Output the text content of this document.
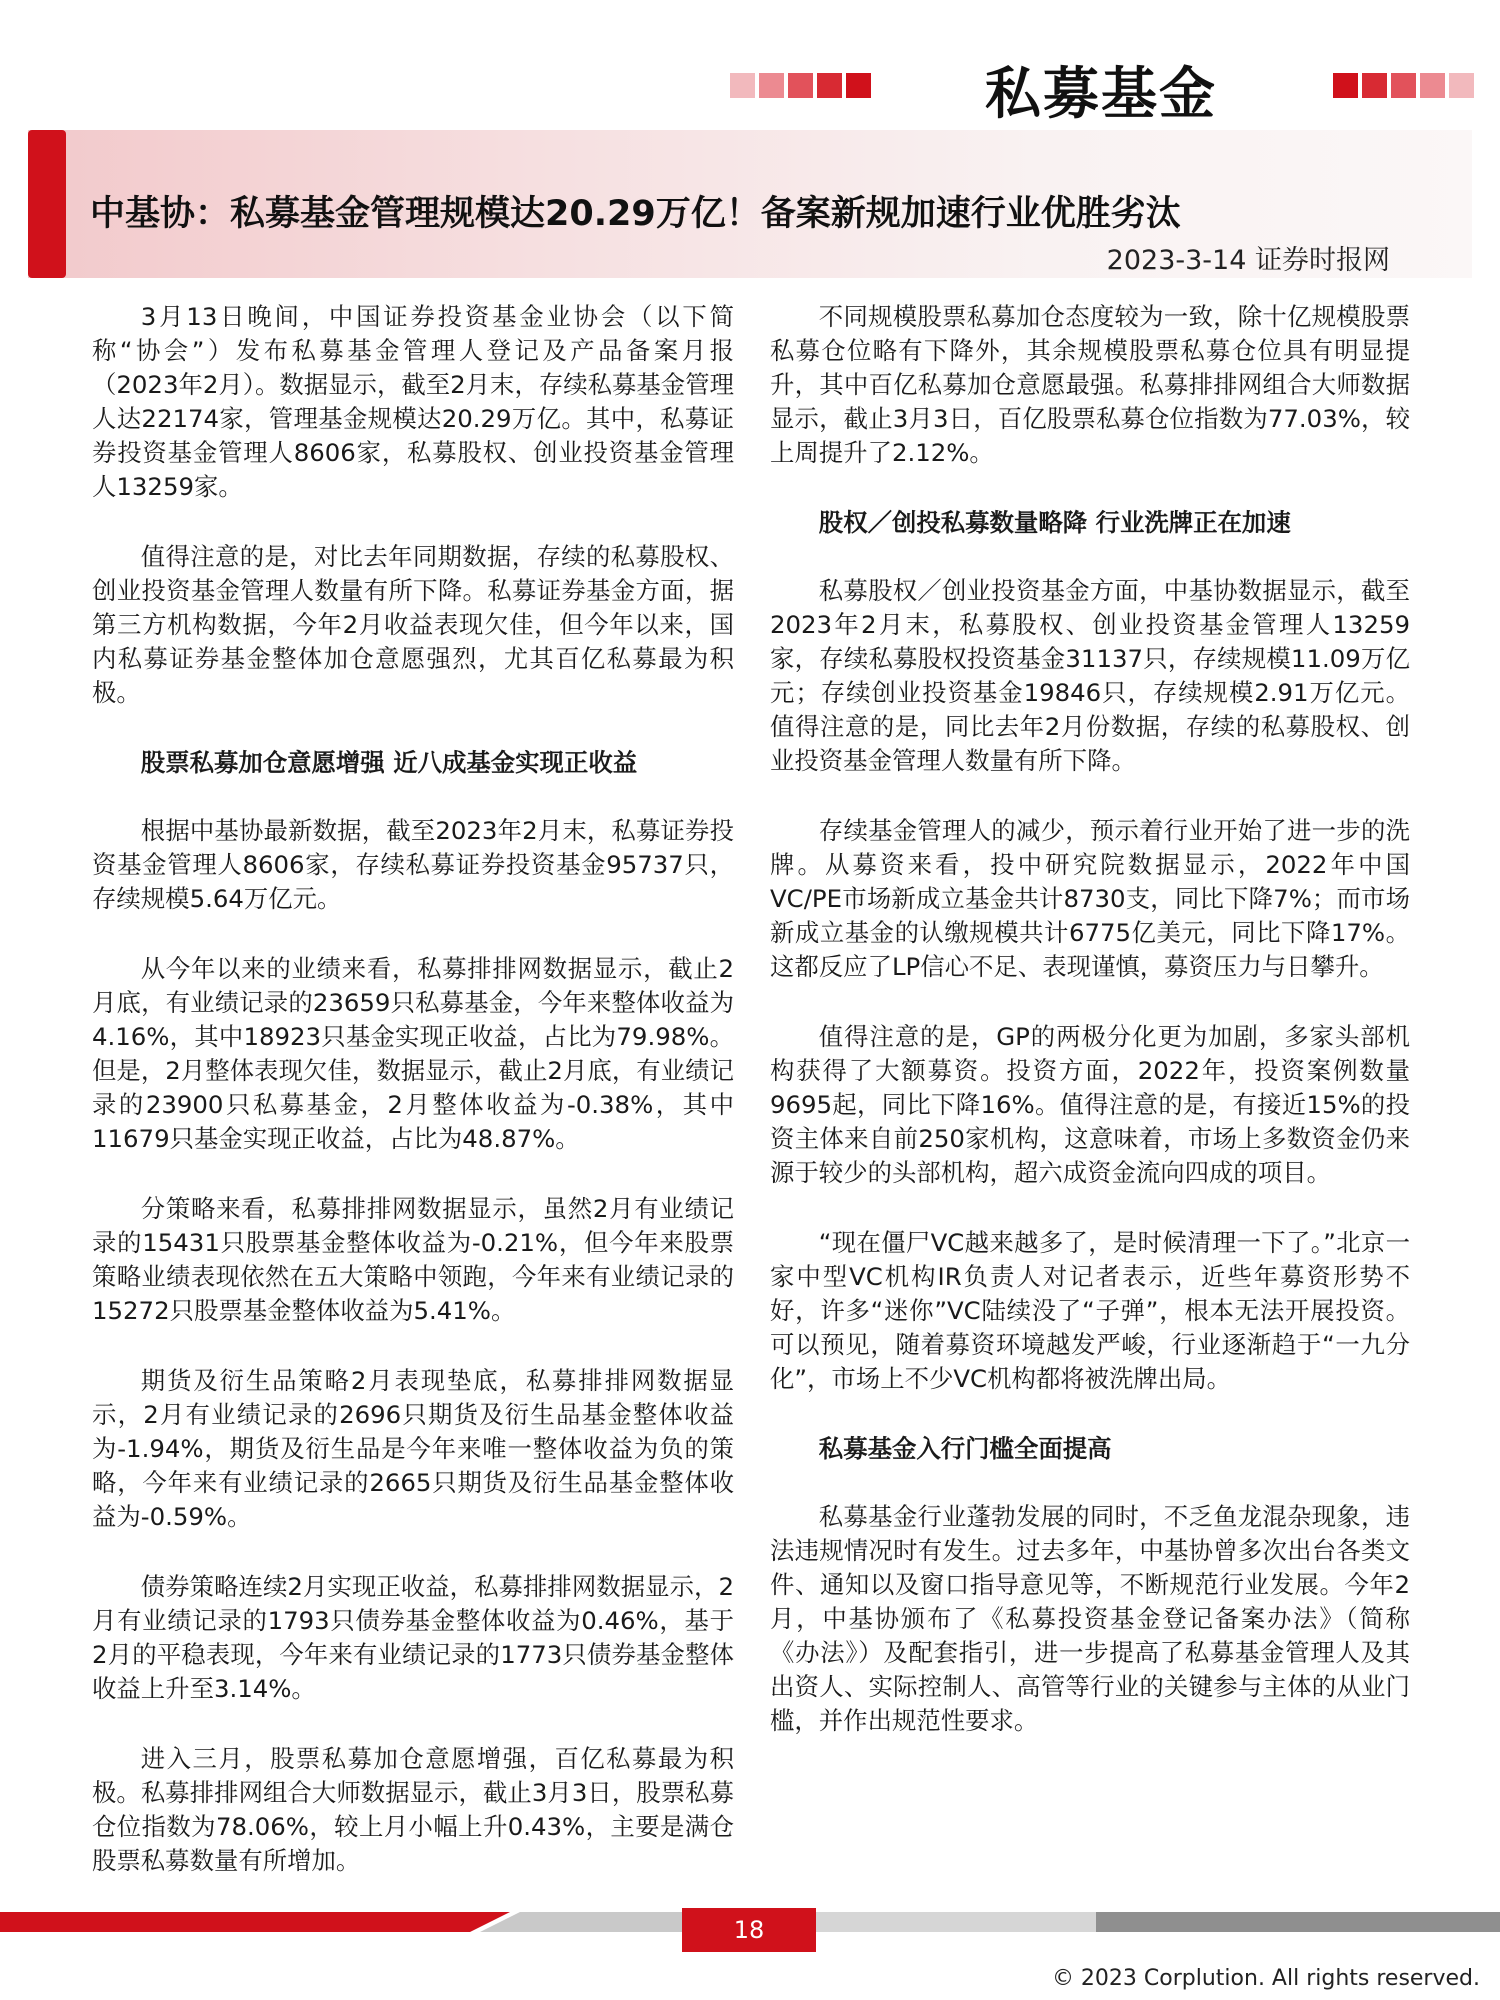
私募基金
中基协：私募基金管理规模达20.29万亿！备案新规加速行业优胜劣汰
2023-3-14 证券时报网

3月13日晚间，中国证券投资基金业协会（以下简称“协会”）发布私募基金管理人登记及产品备案月报（2023年2月）。数据显示，截至2月末，存续私募基金管理人达22174家，管理基金规模达20.29万亿。其中，私募证券投资基金管理人8606家，私募股权、创业投资基金管理人13259家。

值得注意的是，对比去年同期数据，存续的私募股权、创业投资基金管理人数量有所下降。私募证券基金方面，据第三方机构数据，今年2月收益表现欠佳，但今年以来，国内私募证券基金整体加仓意愿强烈，尤其百亿私募最为积极。

股票私募加仓意愿增强 近八成基金实现正收益

根据中基协最新数据，截至2023年2月末，私募证券投资基金管理人8606家，存续私募证券投资基金95737只，存续规模5.64万亿元。

从今年以来的业绩来看，私募排排网数据显示，截止2月底，有业绩记录的23659只私募基金，今年来整体收益为4.16%，其中18923只基金实现正收益，占比为79.98%。但是，2月整体表现欠佳，数据显示，截止2月底，有业绩记录的23900只私募基金，2月整体收益为-0.38%，其中11679只基金实现正收益，占比为48.87%。

分策略来看，私募排排网数据显示，虽然2月有业绩记录的15431只股票基金整体收益为-0.21%，但今年来股票策略业绩表现依然在五大策略中领跑，今年来有业绩记录的15272只股票基金整体收益为5.41%。

期货及衍生品策略2月表现垫底，私募排排网数据显示，2月有业绩记录的2696只期货及衍生品基金整体收益为-1.94%，期货及衍生品是今年来唯一整体收益为负的策略，今年来有业绩记录的2665只期货及衍生品基金整体收益为-0.59%。

债券策略连续2月实现正收益，私募排排网数据显示，2月有业绩记录的1793只债券基金整体收益为0.46%，基于2月的平稳表现，今年来有业绩记录的1773只债券基金整体收益上升至3.14%。

进入三月，股票私募加仓意愿增强，百亿私募最为积极。私募排排网组合大师数据显示，截止3月3日，股票私募仓位指数为78.06%，较上月小幅上升0.43%，主要是满仓股票私募数量有所增加。

不同规模股票私募加仓态度较为一致，除十亿规模股票私募仓位略有下降外，其余规模股票私募仓位具有明显提升，其中百亿私募加仓意愿最强。私募排排网组合大师数据显示，截止3月3日，百亿股票私募仓位指数为77.03%，较上周提升了2.12%。

股权／创投私募数量略降 行业洗牌正在加速

私募股权／创业投资基金方面，中基协数据显示，截至2023年2月末，私募股权、创业投资基金管理人13259家，存续私募股权投资基金31137只，存续规模11.09万亿元；存续创业投资基金19846只，存续规模2.91万亿元。值得注意的是，同比去年2月份数据，存续的私募股权、创业投资基金管理人数量有所下降。

存续基金管理人的减少，预示着行业开始了进一步的洗牌。从募资来看，投中研究院数据显示，2022年中国VC/PE市场新成立基金共计8730支，同比下降7%；而市场新成立基金的认缴规模共计6775亿美元，同比下降17%。这都反应了LP信心不足、表现谨慎，募资压力与日攀升。

值得注意的是，GP的两极分化更为加剧，多家头部机构获得了大额募资。投资方面，2022年，投资案例数量9695起，同比下降16%。值得注意的是，有接近15%的投资主体来自前250家机构，这意味着，市场上多数资金仍来源于较少的头部机构，超六成资金流向四成的项目。

“现在僵尸VC越来越多了，是时候清理一下了。”北京一家中型VC机构IR负责人对记者表示，近些年募资形势不好，许多“迷你”VC陆续没了“子弹”，根本无法开展投资。可以预见，随着募资环境越发严峻，行业逐渐趋于“一九分化”，市场上不少VC机构都将被洗牌出局。

私募基金入行门槛全面提高

私募基金行业蓬勃发展的同时，不乏鱼龙混杂现象，违法违规情况时有发生。过去多年，中基协曾多次出台各类文件、通知以及窗口指导意见等，不断规范行业发展。今年2月，中基协颁布了《私募投资基金登记备案办法》（简称《办法》）及配套指引，进一步提高了私募基金管理人及其出资人、实际控制人、高管等行业的关键参与主体的从业门槛，并作出规范性要求。

18
© 2023 Corplution. All rights reserved.
